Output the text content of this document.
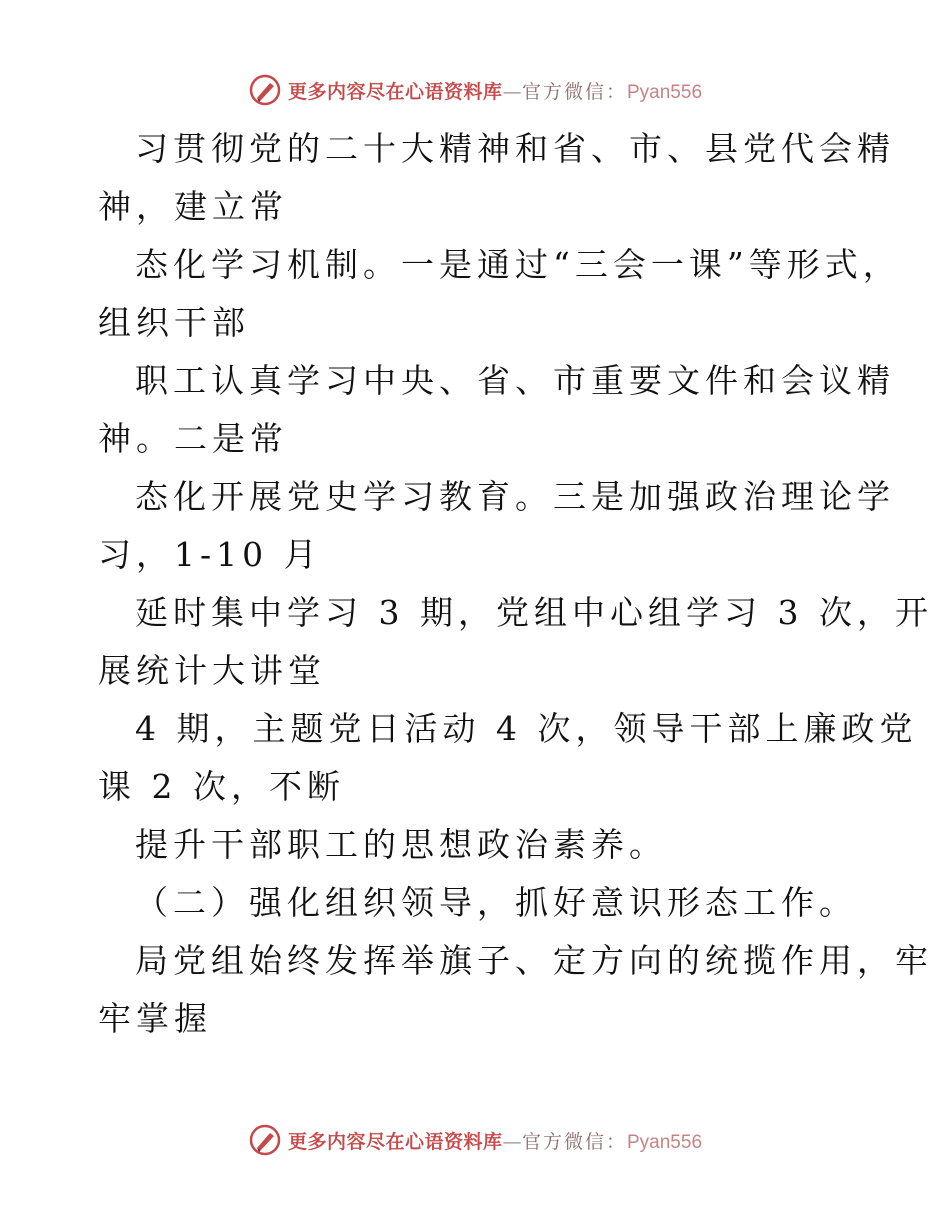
更多内容尽在心语资料库—官方微信：Pyan556
习贯彻党的二十大精神和省、市、县党代会精
神，建立常
态化学习机制。一是通过“三会一课”等形式，
组织干部
职工认真学习中央、省、市重要文件和会议精
神。二是常
态化开展党史学习教育。三是加强政治理论学
习，1-10 月
延时集中学习 3 期，党组中心组学习 3 次，开
展统计大讲堂
4 期，主题党日活动 4 次，领导干部上廉政党
课 2 次，不断
提升干部职工的思想政治素养。
（二）强化组织领导，抓好意识形态工作。
局党组始终发挥举旗子、定方向的统揽作用，牢
牢掌握
更多内容尽在心语资料库—官方微信：Pyan556
